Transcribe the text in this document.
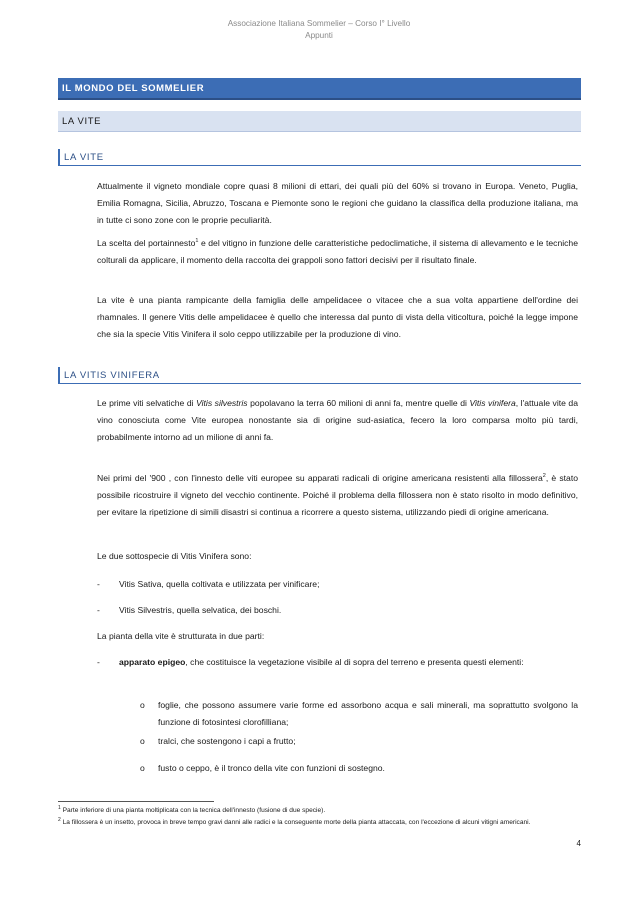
Associazione Italiana Sommelier – Corso I° Livello
Appunti
IL MONDO DEL SOMMELIER
LA VITE
LA VITE

Attualmente il vigneto mondiale copre quasi 8 milioni di ettari, dei quali più del 60% si trovano in Europa. Veneto, Puglia, Emilia Romagna, Sicilia, Abruzzo, Toscana e Piemonte sono le regioni che guidano la classifica della produzione italiana, ma in tutte ci sono zone con le proprie peculiarità.

La scelta del portainnesto$^1$ e del vitigno in funzione delle caratteristiche pedoclimatiche, il sistema di allevamento e le tecniche colturali da applicare, il momento della raccolta dei grappoli sono fattori decisivi per il risultato finale.

La vite è una pianta rampicante della famiglia delle ampelidacee o vitacee che a sua volta appartiene dell'ordine dei rhamnales. Il genere Vitis delle ampelidacee è quello che interessa dal punto di vista della viticoltura, poiché la legge impone che sia la specie Vitis Vinifera il solo ceppo utilizzabile per la produzione di vino.

LA VITIS VINIFERA

Le prime viti selvatiche di Vitis silvestris popolavano la terra 60 milioni di anni fa, mentre quelle di Vitis vinifera, l'attuale vite da vino conosciuta come Vite europea nonostante sia di origine sud-asiatica, fecero la loro comparsa molto più tardi, probabilmente intorno ad un milione di anni fa.

Nei primi del '900 , con l'innesto delle viti europee su apparati radicali di origine americana resistenti alla fillossera$^2$, è stato possibile ricostruire il vigneto del vecchio continente. Poiché il problema della fillossera non è stato risolto in modo definitivo, per evitare la ripetizione di simili disastri si continua a ricorrere a questo sistema, utilizzando piedi di origine americana.

Le due sottospecie di Vitis Vinifera sono:

- Vitis Sativa, quella coltivata e utilizzata per vinificare;
- Vitis Silvestris, quella selvatica, dei boschi.

La pianta della vite è strutturata in due parti:

- apparato epigeo, che costituisce la vegetazione visibile al di sopra del terreno e presenta questi elementi:
o foglie, che possono assumere varie forme ed assorbono acqua e sali minerali, ma soprattutto svolgono la funzione di fotosintesi clorofilliana;
o tralci, che sostengono i capi a frutto;
o fusto o ceppo, è il tronco della vite con funzioni di sostegno.

$^1$ Parte inferiore di una pianta moltiplicata con la tecnica dell'innesto (fusione di due specie).

$^2$ La fillossera è un insetto, provoca in breve tempo gravi danni alle radici e la conseguente morte della pianta attaccata, con l'eccezione di alcuni vitigni americani.

4
